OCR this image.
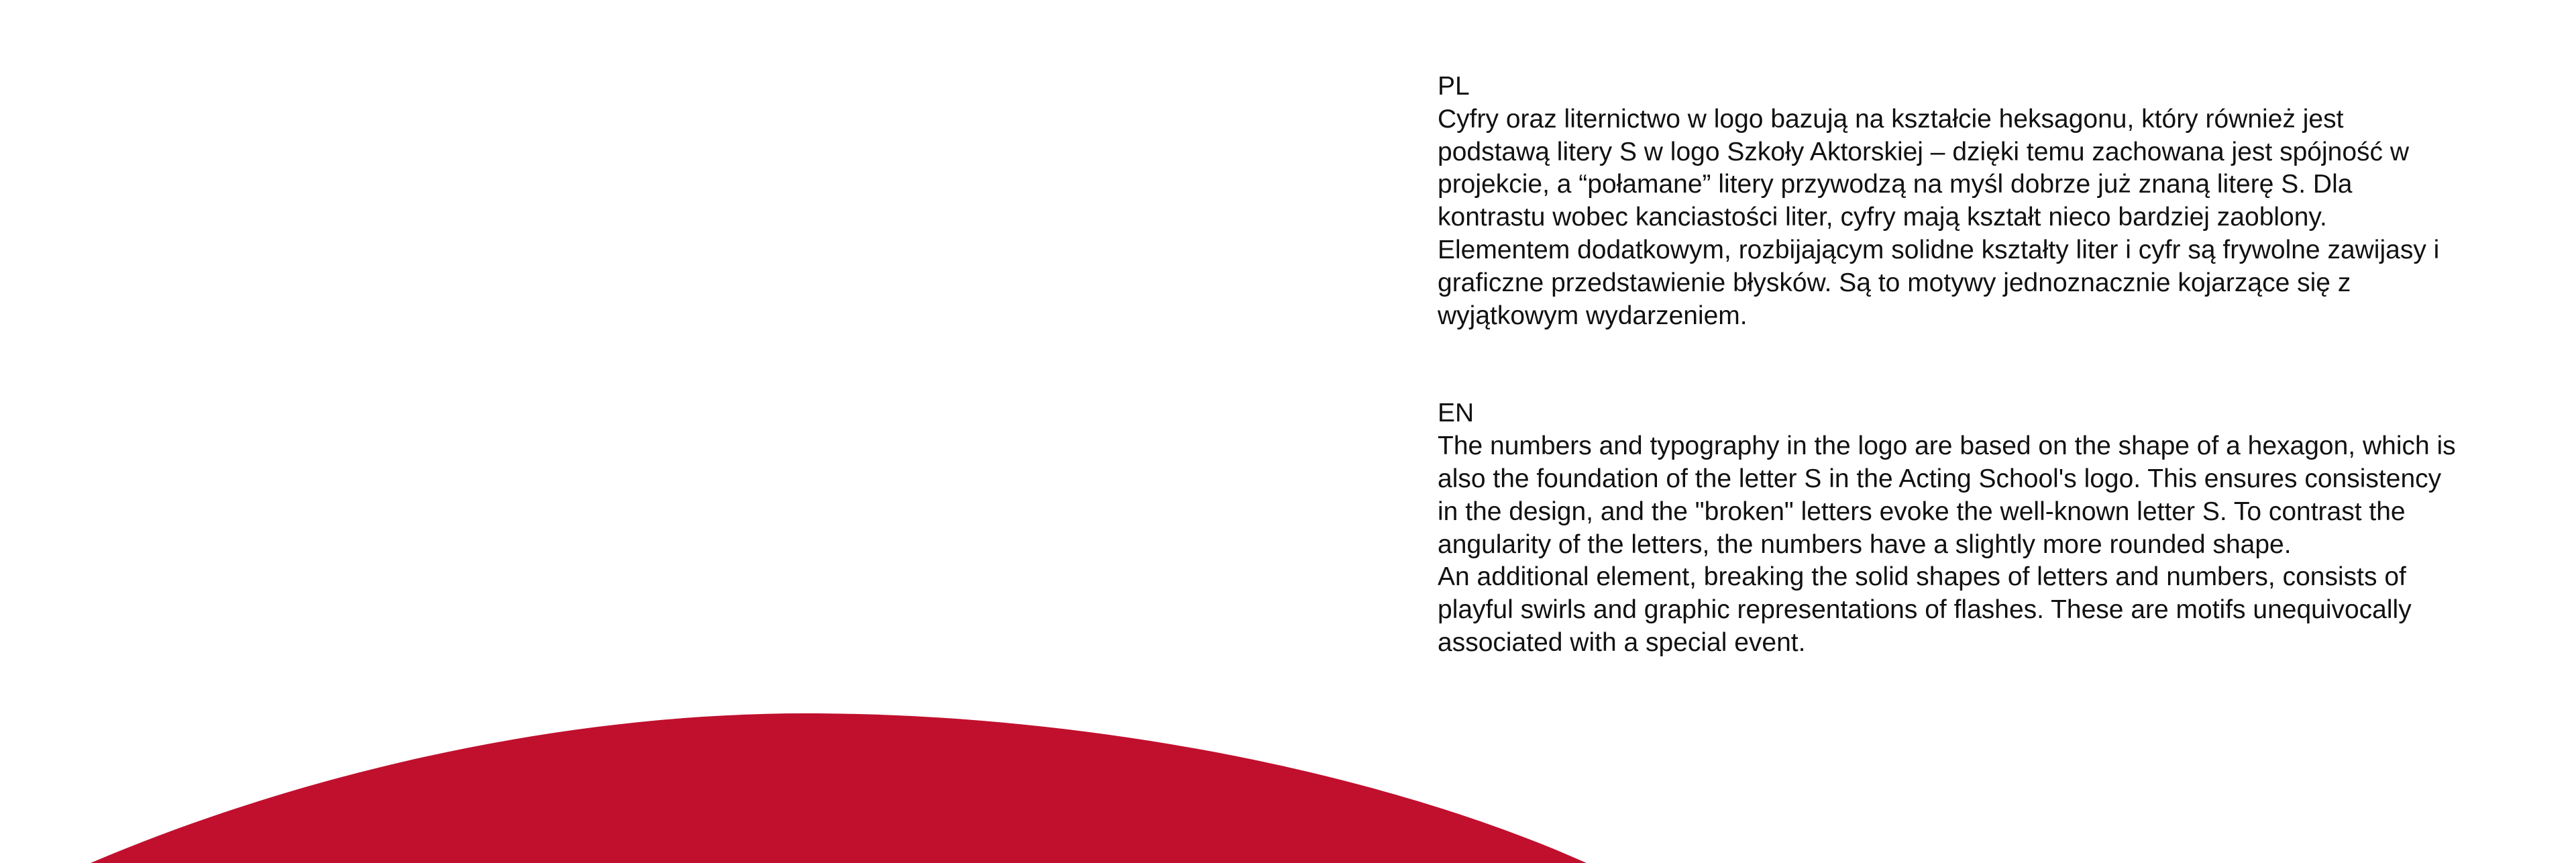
PL

Cyfry oraz liternictwo w logo bazują na kształcie heksagonu, który również jest podstawą litery S w logo Szkoły Aktorskiej – dzięki temu zachowana jest spójność w projekcie, a “połamane” litery przywodzą na myśl dobrze już znaną literę S. Dla kontrastu wobec kanciastości liter, cyfry mają kształt nieco bardziej zaoblony.

Elementem dodatkowym, rozbijającym solidne kształty liter i cyfr są frywolne zawijasy i graficzne przedstawienie błysków. Są to motywy jednoznacznie kojarzące się z wyjątkowym wydarzeniem.

EN

The numbers and typography in the logo are based on the shape of a hexagon, which is also the foundation of the letter S in the Acting School's logo. This ensures consistency in the design, and the "broken" letters evoke the well-known letter S. To contrast the angularity of the letters, the numbers have a slightly more rounded shape.

An additional element, breaking the solid shapes of letters and numbers, consists of playful swirls and graphic representations of flashes. These are motifs unequivocally associated with a special event.
